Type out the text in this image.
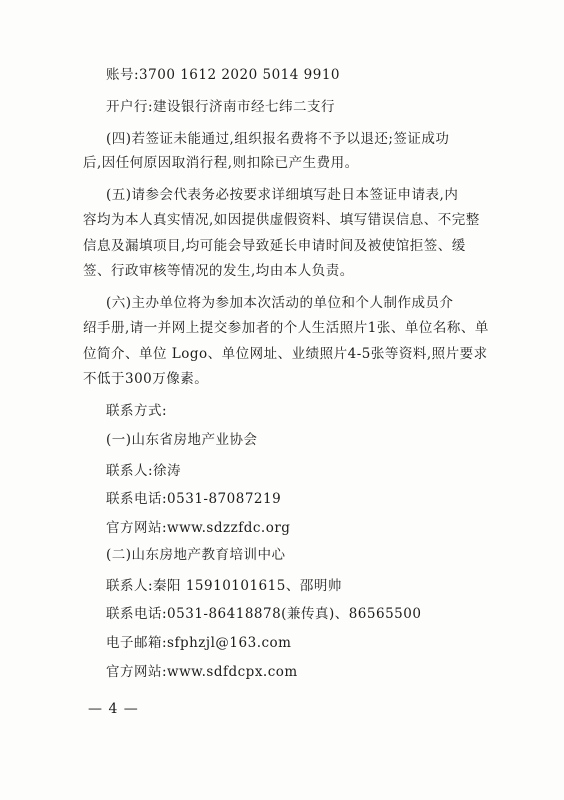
账号:3700 1612 2020 5014 9910
开户行:建设银行济南市经七纬二支行
(四)若签证未能通过,组织报名费将不予以退还;签证成功
后,因任何原因取消行程,则扣除已产生费用。
(五)请参会代表务必按要求详细填写赴日本签证申请表,内
容均为本人真实情况,如因提供虚假资料、填写错误信息、不完整
信息及漏填项目,均可能会导致延长申请时间及被使馆拒签、缓
签、行政审核等情况的发生,均由本人负责。
(六)主办单位将为参加本次活动的单位和个人制作成员介
绍手册,请一并网上提交参加者的个人生活照片1张、单位名称、单
位简介、单位 Logo、单位网址、业绩照片4-5张等资料,照片要求
不低于300万像素。
联系方式:
(一)山东省房地产业协会
联系人:徐涛
联系电话:0531-87087219
官方网站:www.sdzzfdc.org
(二)山东房地产教育培训中心
联系人:秦阳 15910101615、邵明帅
联系电话:0531-86418878(兼传真)、86565500
电子邮箱:sfphzjl@163.com
官方网站:www.sdfdcpx.com
— 4 —
